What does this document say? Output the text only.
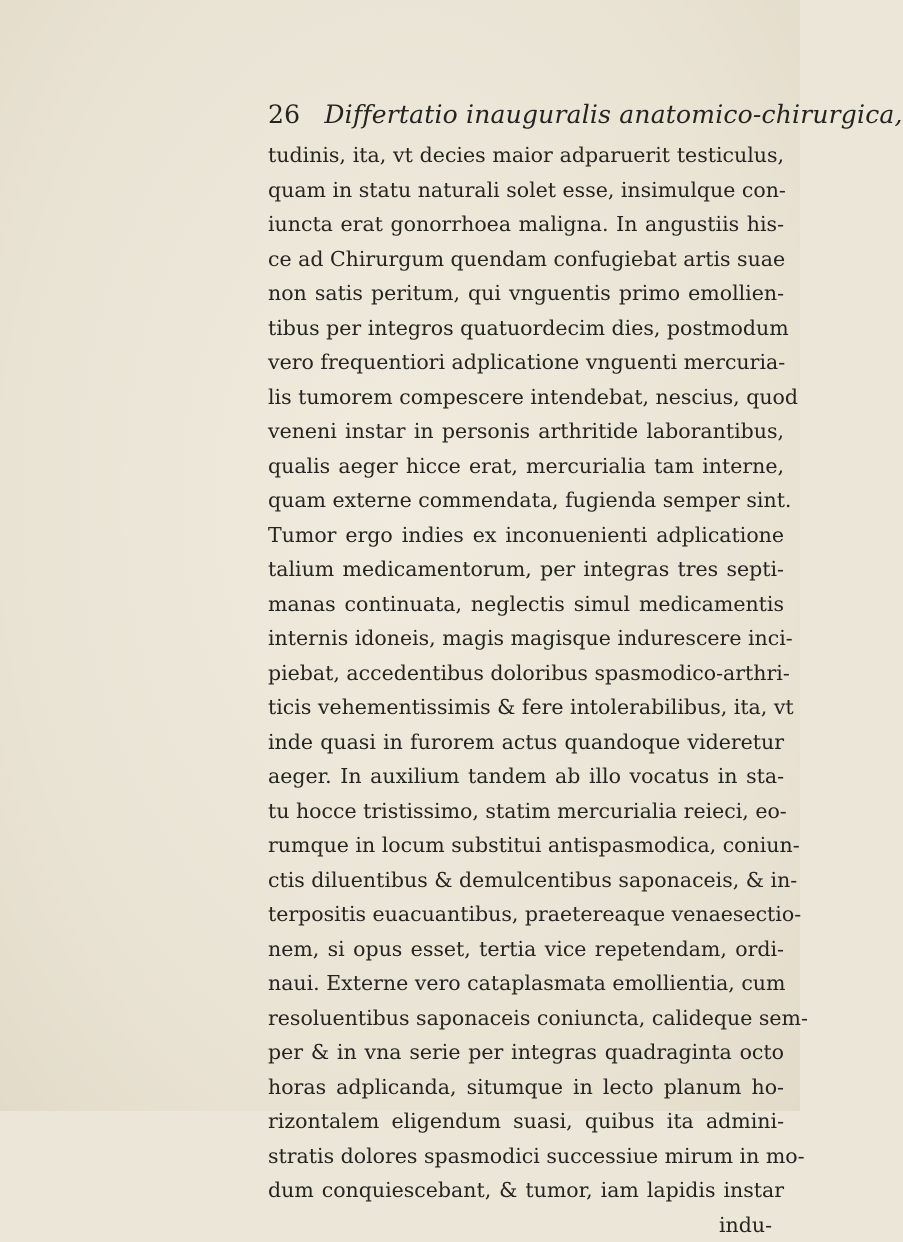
26 Differtatio inauguralis anatomico-chirurgica,
tudinis, ita, vt decies maior adparuerit testiculus,
quam in statu naturali solet esse, insimulque con-
iuncta erat gonorrhoea maligna. In angustiis his-
ce ad Chirurgum quendam confugiebat artis suae
non satis peritum, qui vnguentis primo emollien-
tibus per integros quatuordecim dies, postmodum
vero frequentiori adplicatione vnguenti mercuria-
lis tumorem compescere intendebat, nescius, quod
veneni instar in personis arthritide laborantibus,
qualis aeger hicce erat, mercurialia tam interne,
quam externe commendata, fugienda semper sint.
Tumor ergo indies ex inconuenienti adplicatione
talium medicamentorum, per integras tres septi-
manas continuata, neglectis simul medicamentis
internis idoneis, magis magisque indurescere inci-
piebat, accedentibus doloribus spasmodico-arthri-
ticis vehementissimis & fere intolerabilibus, ita, vt
inde quasi in furorem actus quandoque videretur
aeger. In auxilium tandem ab illo vocatus in sta-
tu hocce tristissimo, statim mercurialia reieci, eo-
rumque in locum substitui antispasmodica, coniun-
ctis diluentibus & demulcentibus saponaceis, & in-
terpositis euacuantibus, praetereaque venaesectio-
nem, si opus esset, tertia vice repetendam, ordi-
naui. Externe vero cataplasmata emollientia, cum
resoluentibus saponaceis coniuncta, calideque sem-
per & in vna serie per integras quadraginta octo
horas adplicanda, situmque in lecto planum ho-
rizontalem eligendum suasi, quibus ita admini-
stratis dolores spasmodici successiue mirum in mo-
dum conquiescebant, & tumor, iam lapidis instar
indu-
